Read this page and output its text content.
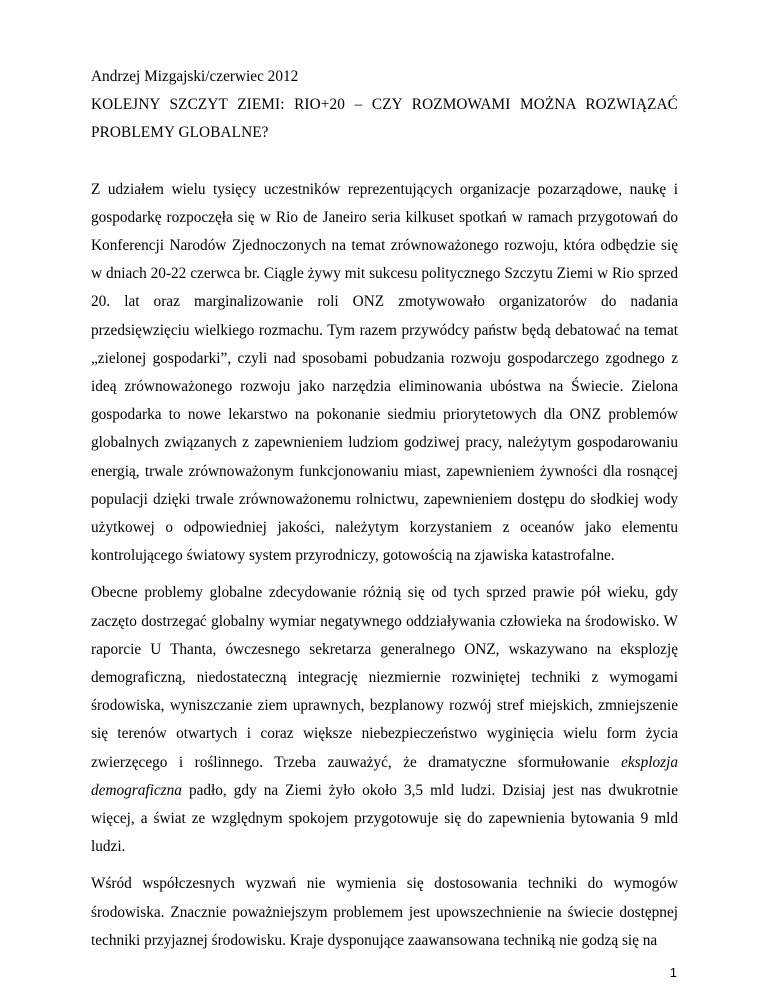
Andrzej Mizgajski/czerwiec 2012

KOLEJNY SZCZYT ZIEMI: RIO+20 – CZY ROZMOWAMI MOŻNA ROZWIĄZAĆ PROBLEMY GLOBALNE?

Z udziałem wielu tysięcy uczestników reprezentujących organizacje pozarządowe, naukę i gospodarkę rozpoczęła się w Rio de Janeiro seria kilkuset spotkań w ramach przygotowań do Konferencji Narodów Zjednoczonych na temat zrównoważonego rozwoju, która odbędzie się w dniach 20-22 czerwca br. Ciągle żywy mit sukcesu politycznego Szczytu Ziemi w Rio sprzed 20. lat oraz marginalizowanie roli ONZ zmotywowało organizatorów do nadania przedsięwzięciu wielkiego rozmachu. Tym razem przywódcy państw będą debatować na temat „zielonej gospodarki”, czyli nad sposobami pobudzania rozwoju gospodarczego zgodnego z ideą zrównoważonego rozwoju jako narzędzia eliminowania ubóstwa na Świecie. Zielona gospodarka to nowe lekarstwo na pokonanie siedmiu priorytetowych dla ONZ problemów globalnych związanych z zapewnieniem ludziom godziwej pracy, należytym gospodarowaniu energią, trwale zrównoważonym funkcjonowaniu miast, zapewnieniem żywności dla rosnącej populacji dzięki trwale zrównoważonemu rolnictwu, zapewnieniem dostępu do słodkiej wody użytkowej o odpowiedniej jakości, należytym korzystaniem z oceanów jako elementu kontrolującego światowy system przyrodniczy, gotowością na zjawiska katastrofalne.

Obecne problemy globalne zdecydowanie różnią się od tych sprzed prawie pół wieku, gdy zaczęto dostrzegać globalny wymiar negatywnego oddziaływania człowieka na środowisko. W raporcie U Thanta, ówczesnego sekretarza generalnego ONZ, wskazywano na eksplozję demograficzną, niedostateczną integrację niezmiernie rozwiniętej techniki z wymogami środowiska, wyniszczanie ziem uprawnych, bezplanowy rozwój stref miejskich, zmniejszenie się terenów otwartych i coraz większe niebezpieczeństwo wyginięcia wielu form życia zwierzęcego i roślinnego. Trzeba zauważyć, że dramatyczne sformułowanie eksplozja demograficzna padło, gdy na Ziemi żyło około 3,5 mld ludzi. Dzisiaj jest nas dwukrotnie więcej, a świat ze względnym spokojem przygotowuje się do zapewnienia bytowania 9 mld ludzi.

Wśród współczesnych wyzwań nie wymienia się dostosowania techniki do wymogów środowiska. Znacznie poważniejszym problemem jest upowszechnienie na świecie dostępnej techniki przyjaznej środowisku. Kraje dysponujące zaawansowana techniką nie godzą się na

1
